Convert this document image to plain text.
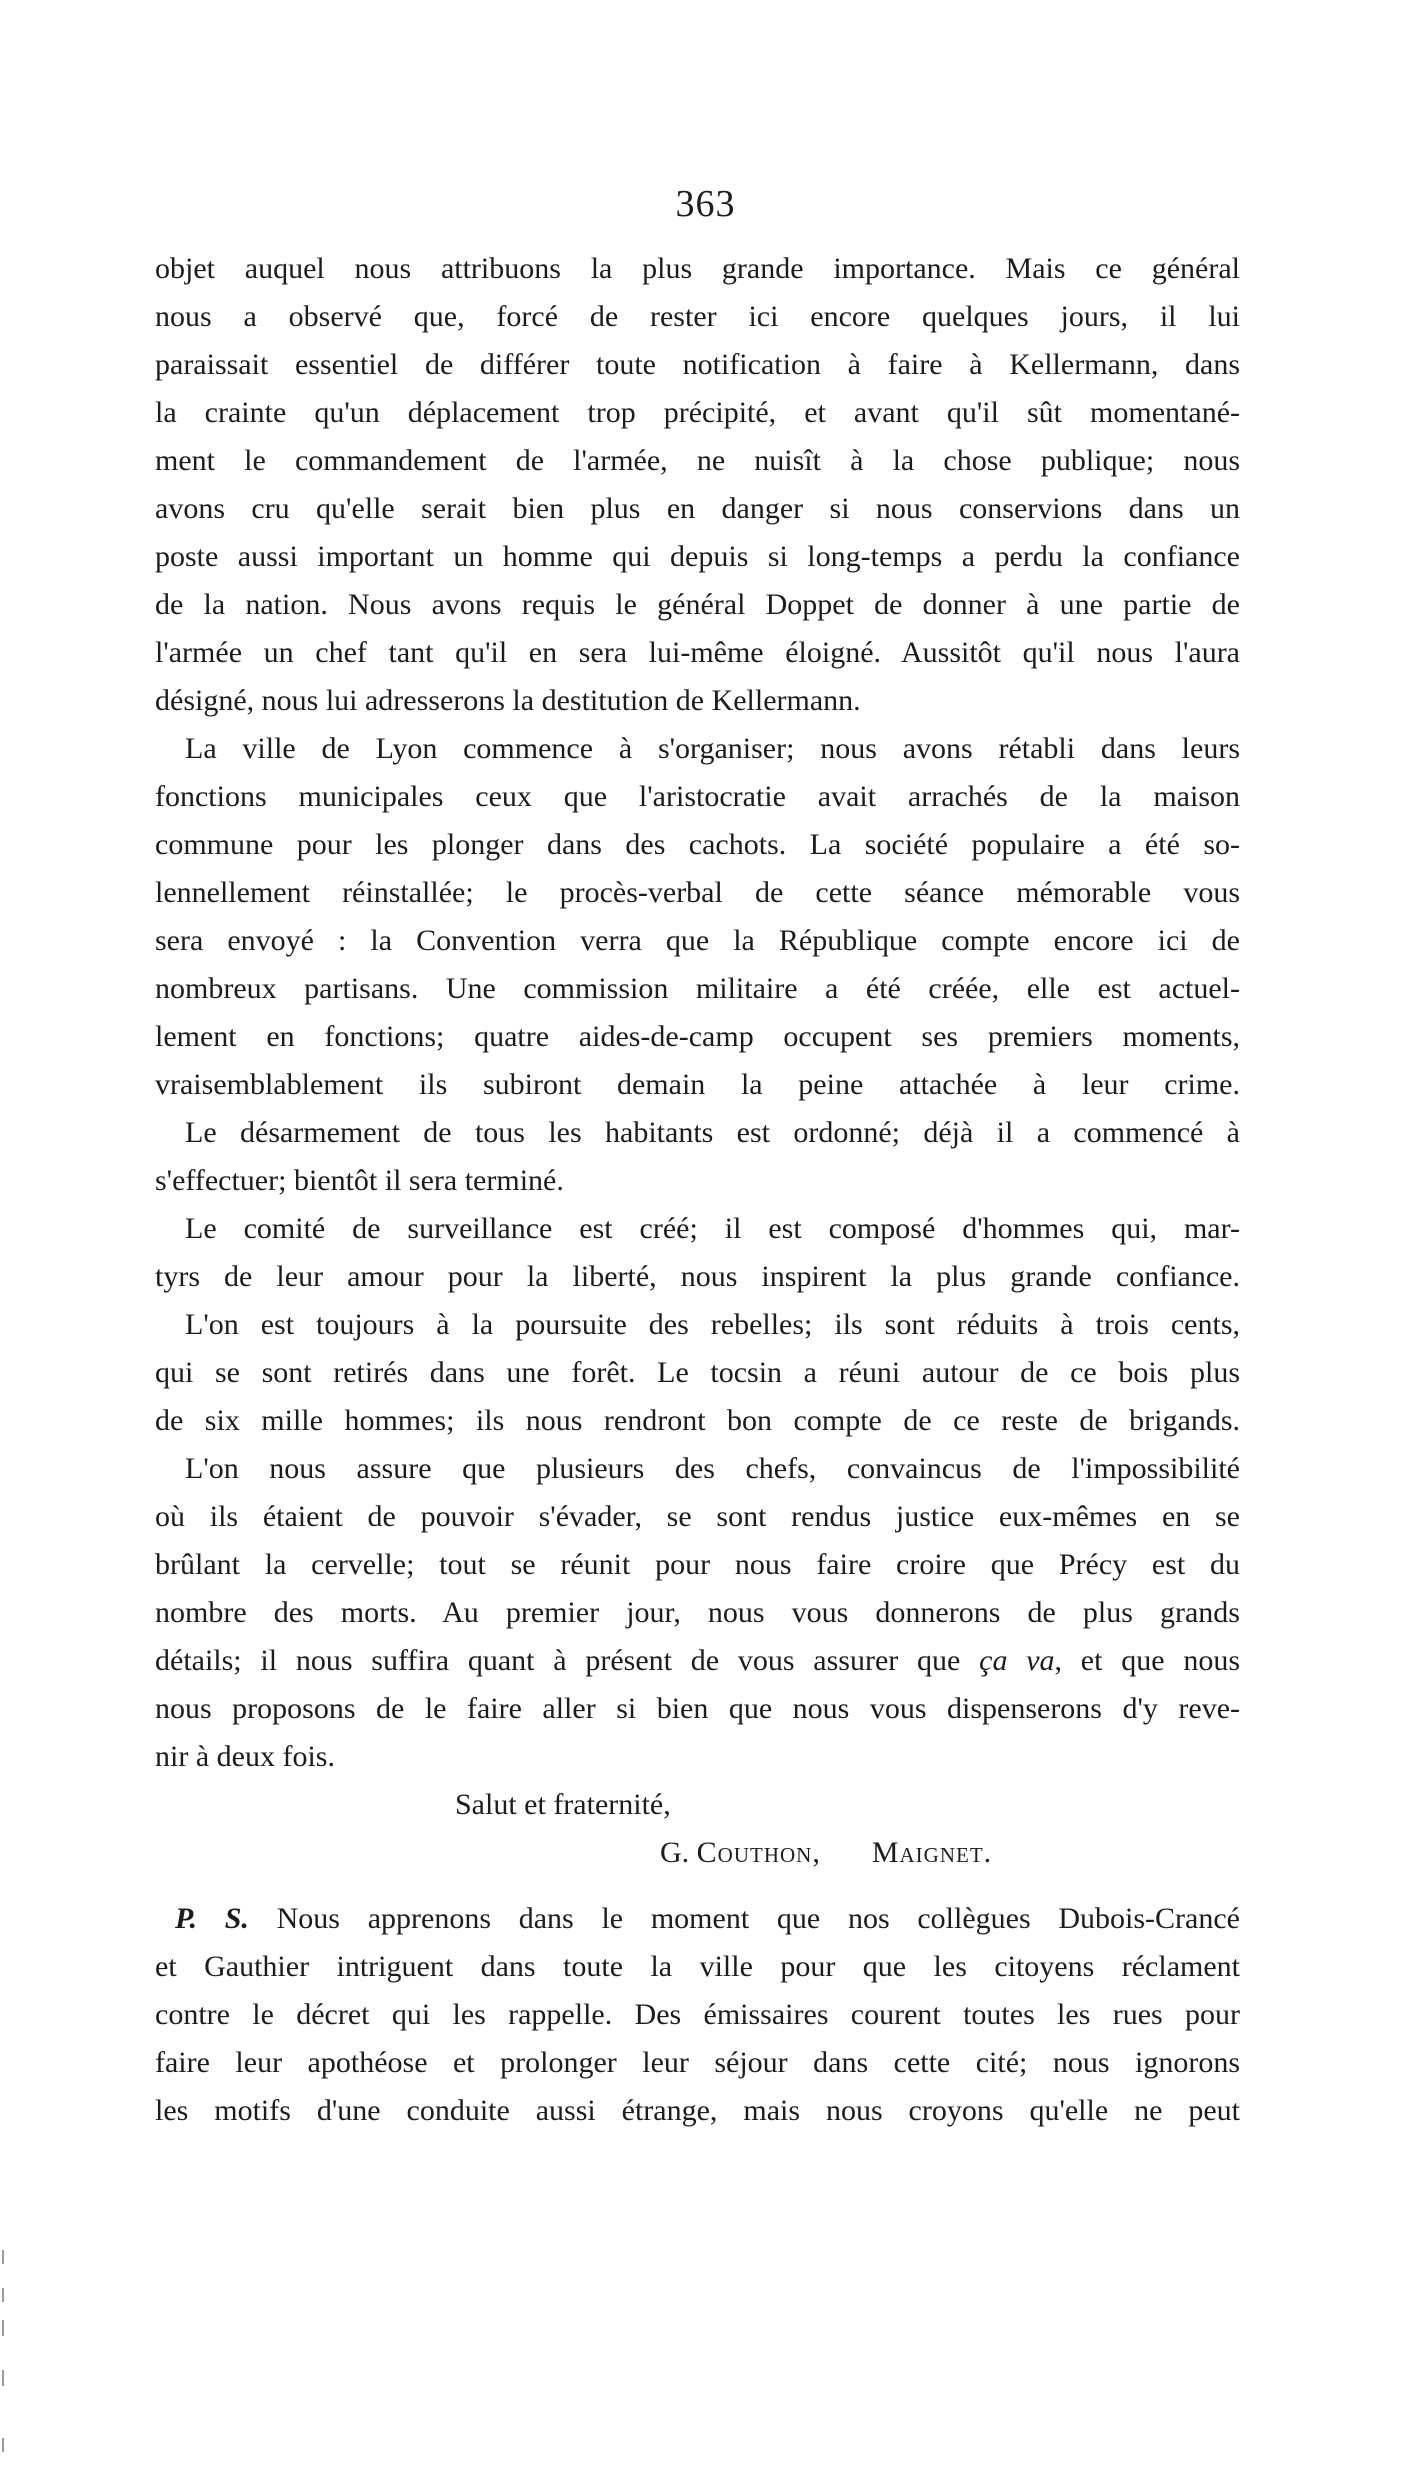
363
objet auquel nous attribuons la plus grande importance. Mais ce général
nous a observé que, forcé de rester ici encore quelques jours, il lui
paraissait essentiel de différer toute notification à faire à Kellermann, dans
la crainte qu'un déplacement trop précipité, et avant qu'il sût momentané-
ment le commandement de l'armée, ne nuisît à la chose publique; nous
avons cru qu'elle serait bien plus en danger si nous conservions dans un
poste aussi important un homme qui depuis si long-temps a perdu la confiance
de la nation. Nous avons requis le général Doppet de donner à une partie de
l'armée un chef tant qu'il en sera lui-même éloigné. Aussitôt qu'il nous l'aura
désigné, nous lui adresserons la destitution de Kellermann.
La ville de Lyon commence à s'organiser; nous avons rétabli dans leurs
fonctions municipales ceux que l'aristocratie avait arrachés de la maison
commune pour les plonger dans des cachots. La société populaire a été so-
lennellement réinstallée; le procès-verbal de cette séance mémorable vous
sera envoyé : la Convention verra que la République compte encore ici de
nombreux partisans. Une commission militaire a été créée, elle est actuel-
lement en fonctions; quatre aides-de-camp occupent ses premiers moments,
vraisemblablement ils subiront demain la peine attachée à leur crime.
Le désarmement de tous les habitants est ordonné; déjà il a commencé à
s'effectuer; bientôt il sera terminé.
Le comité de surveillance est créé; il est composé d'hommes qui, mar-
tyrs de leur amour pour la liberté, nous inspirent la plus grande confiance.
L'on est toujours à la poursuite des rebelles; ils sont réduits à trois cents,
qui se sont retirés dans une forêt. Le tocsin a réuni autour de ce bois plus
de six mille hommes; ils nous rendront bon compte de ce reste de brigands.
L'on nous assure que plusieurs des chefs, convaincus de l'impossibilité
où ils étaient de pouvoir s'évader, se sont rendus justice eux-mêmes en se
brûlant la cervelle; tout se réunit pour nous faire croire que Précy est du
nombre des morts. Au premier jour, nous vous donnerons de plus grands
détails; il nous suffira quant à présent de vous assurer que ça va, et que nous
nous proposons de le faire aller si bien que nous vous dispenserons d'y reve-
nir à deux fois.
Salut et fraternité,
G. Couthon, Maignet.
P. S. Nous apprenons dans le moment que nos collègues Dubois-Crancé
et Gauthier intriguent dans toute la ville pour que les citoyens réclament
contre le décret qui les rappelle. Des émissaires courent toutes les rues pour
faire leur apothéose et prolonger leur séjour dans cette cité; nous ignorons
les motifs d'une conduite aussi étrange, mais nous croyons qu'elle ne peut
